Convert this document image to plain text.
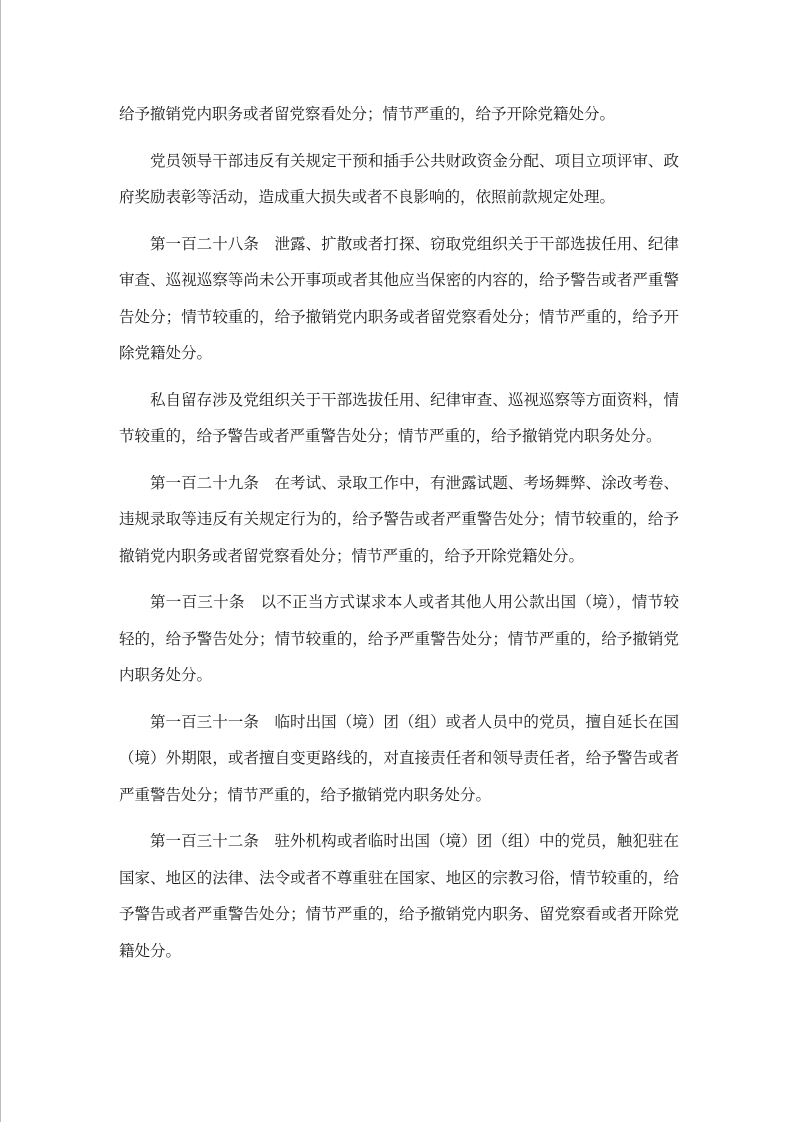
给予撤销党内职务或者留党察看处分；情节严重的，给予开除党籍处分。

党员领导干部违反有关规定干预和插手公共财政资金分配、项目立项评审、政府奖励表彰等活动，造成重大损失或者不良影响的，依照前款规定处理。

第一百二十八条 泄露、扩散或者打探、窃取党组织关于干部选拔任用、纪律审查、巡视巡察等尚未公开事项或者其他应当保密的内容的，给予警告或者严重警告处分；情节较重的，给予撤销党内职务或者留党察看处分；情节严重的，给予开除党籍处分。

私自留存涉及党组织关于干部选拔任用、纪律审查、巡视巡察等方面资料，情节较重的，给予警告或者严重警告处分；情节严重的，给予撤销党内职务处分。

第一百二十九条 在考试、录取工作中，有泄露试题、考场舞弊、涂改考卷、违规录取等违反有关规定行为的，给予警告或者严重警告处分；情节较重的，给予撤销党内职务或者留党察看处分；情节严重的，给予开除党籍处分。

第一百三十条 以不正当方式谋求本人或者其他人用公款出国（境），情节较轻的，给予警告处分；情节较重的，给予严重警告处分；情节严重的，给予撤销党内职务处分。

第一百三十一条 临时出国（境）团（组）或者人员中的党员，擅自延长在国（境）外期限，或者擅自变更路线的，对直接责任者和领导责任者，给予警告或者严重警告处分；情节严重的，给予撤销党内职务处分。

第一百三十二条 驻外机构或者临时出国（境）团（组）中的党员，触犯驻在国家、地区的法律、法令或者不尊重驻在国家、地区的宗教习俗，情节较重的，给予警告或者严重警告处分；情节严重的，给予撤销党内职务、留党察看或者开除党籍处分。
